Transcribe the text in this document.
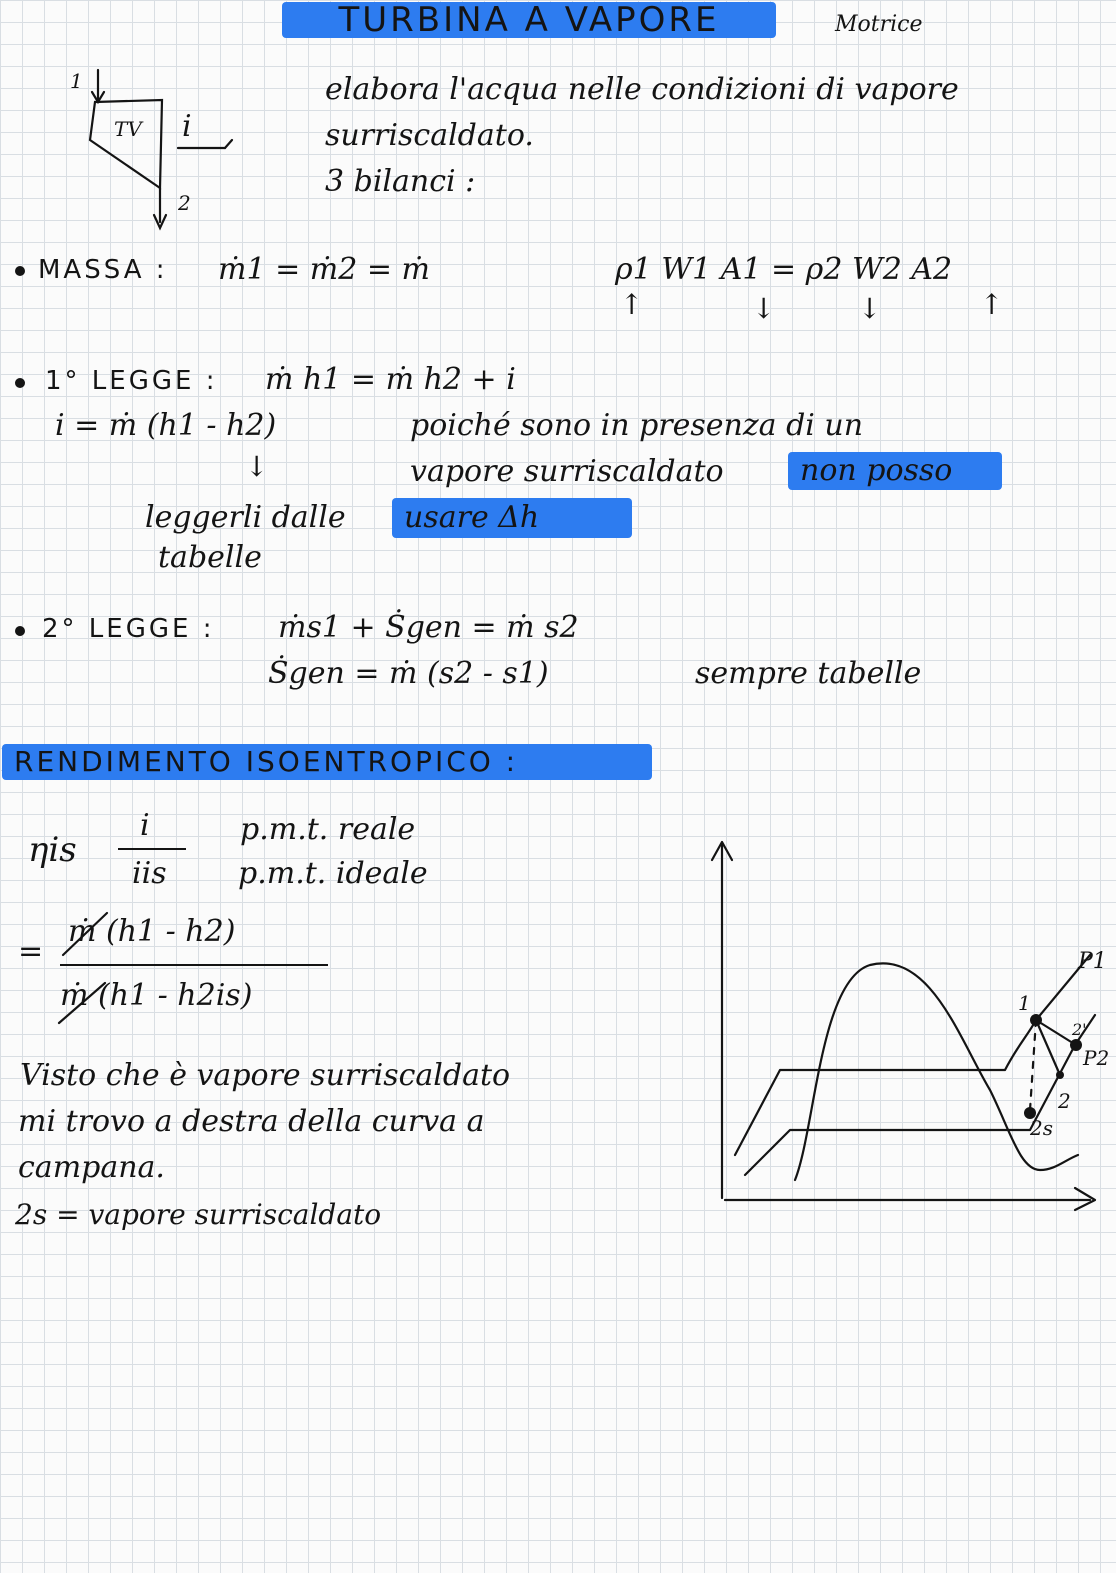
TURBINA A VAPORE	Motrice
TV
1
2
i
elabora l'acqua nelle condizioni di vapore
surriscaldato.
3 bilanci :
MASSA : ṁ1 = ṁ2 = ṁ	ρ1 W1 A1 = ρ2 W2 A2
↑	↓	↓	↑
1° LEGGE : ṁ h1 = ṁ h2 + i
i = ṁ (h1 - h2)	poiché sono in presenza di un
vapore surriscaldato	non posso
usare Δh
↓
leggerli dalle
tabelle
2° LEGGE : ṁs1 + Ṡgen = ṁ s2
Ṡgen = ṁ (s2 - s1)	sempre tabelle
RENDIMENTO ISOENTROPICO :
ηis
i
iis
p.m.t. reale
p.m.t. ideale
=
ṁ (h1 - h2)
ṁ (h1 - h2is)
Visto che è vapore surriscaldato
mi trovo a destra della curva a
campana.
2s = vapore surriscaldato
P1
P2
1
2
2s
2'
